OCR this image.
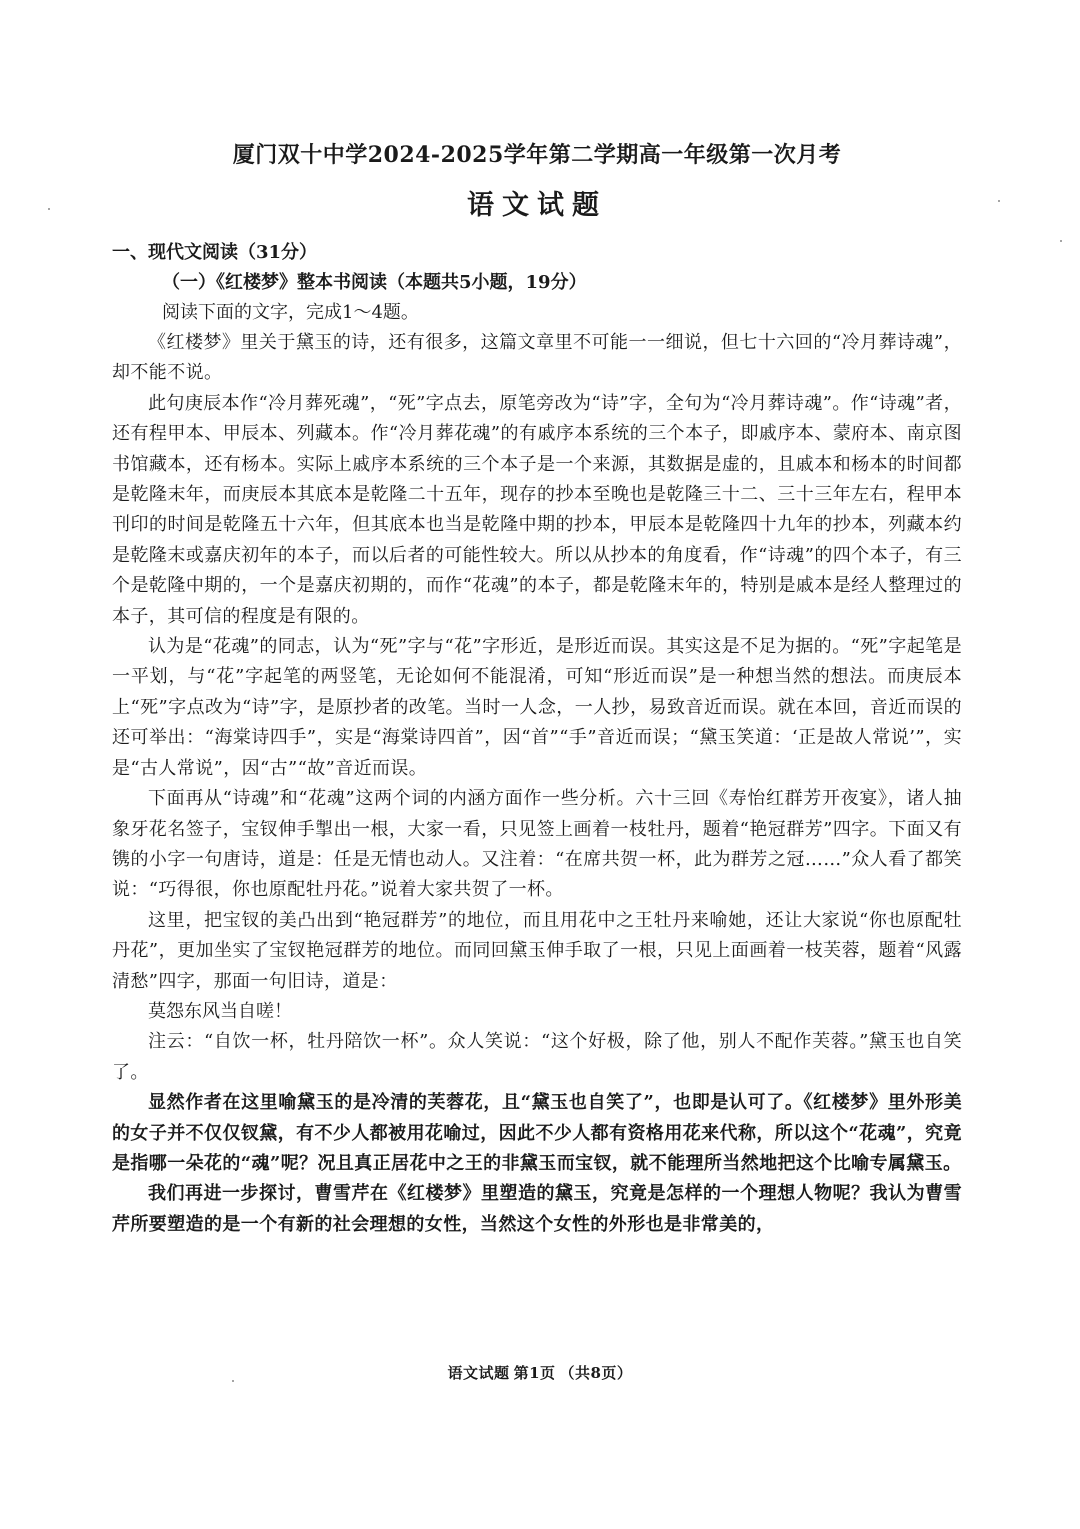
厦门双十中学2024-2025学年第二学期高一年级第一次月考
语文试题
一、现代文阅读（31分）
（一）《红楼梦》整本书阅读（本题共5小题，19分）
阅读下面的文字，完成1～4题。

《红楼梦》里关于黛玉的诗，还有很多，这篇文章里不可能一一细说，但七十六回的“冷月葬诗魂”，却不能不说。

此句庚辰本作“冷月葬死魂”，“死”字点去，原笔旁改为“诗”字，全句为“冷月葬诗魂”。作“诗魂”者，还有程甲本、甲辰本、列藏本。作“冷月葬花魂”的有戚序本系统的三个本子，即戚序本、蒙府本、南京图书馆藏本，还有杨本。实际上戚序本系统的三个本子是一个来源，其数据是虚的，且戚本和杨本的时间都是乾隆末年，而庚辰本其底本是乾隆二十五年，现存的抄本至晚也是乾隆三十二、三十三年左右，程甲本刊印的时间是乾隆五十六年，但其底本也当是乾隆中期的抄本，甲辰本是乾隆四十九年的抄本，列藏本约是乾隆末或嘉庆初年的本子，而以后者的可能性较大。所以从抄本的角度看，作“诗魂”的四个本子，有三个是乾隆中期的，一个是嘉庆初期的，而作“花魂”的本子，都是乾隆末年的，特别是戚本是经人整理过的本子，其可信的程度是有限的。

认为是“花魂”的同志，认为“死”字与“花”字形近，是形近而误。其实这是不足为据的。“死”字起笔是一平划，与“花”字起笔的两竖笔，无论如何不能混淆，可知“形近而误”是一种想当然的想法。而庚辰本上“死”字点改为“诗”字，是原抄者的改笔。当时一人念，一人抄，易致音近而误。就在本回，音近而误的还可举出：“海棠诗四手”，实是“海棠诗四首”，因“首”“手”音近而误；“黛玉笑道：‘正是故人常说’”，实是“古人常说”，因“古”“故”音近而误。

下面再从“诗魂”和“花魂”这两个词的内涵方面作一些分析。六十三回《寿怡红群芳开夜宴》，诸人抽象牙花名签子，宝钗伸手掣出一根，大家一看，只见签上画着一枝牡丹，题着“艳冠群芳”四字。下面又有镌的小字一句唐诗，道是：任是无情也动人。又注着：“在席共贺一杯，此为群芳之冠……”众人看了都笑说：“巧得很，你也原配牡丹花。”说着大家共贺了一杯。

这里，把宝钗的美凸出到“艳冠群芳”的地位，而且用花中之王牡丹来喻她，还让大家说“你也原配牡丹花”，更加坐实了宝钗艳冠群芳的地位。而同回黛玉伸手取了一根，只见上面画着一枝芙蓉，题着“风露清愁”四字，那面一句旧诗，道是：

莫怨东风当自嗟！

注云：“自饮一杯，牡丹陪饮一杯”。众人笑说：“这个好极，除了他，别人不配作芙蓉。”黛玉也自笑了。

显然作者在这里喻黛玉的是冷清的芙蓉花，且“黛玉也自笑了”，也即是认可了。《红楼梦》里外形美的女子并不仅仅钗黛，有不少人都被用花喻过，因此不少人都有资格用花来代称，所以这个“花魂”，究竟是指哪一朵花的“魂”呢？况且真正居花中之王的非黛玉而宝钗，就不能理所当然地把这个比喻专属黛玉。

我们再进一步探讨，曹雪芹在《红楼梦》里塑造的黛玉，究竟是怎样的一个理想人物呢？我认为曹雪芹所要塑造的是一个有新的社会理想的女性，当然这个女性的外形也是非常美的，

语文试题 第1页 （共8页）
